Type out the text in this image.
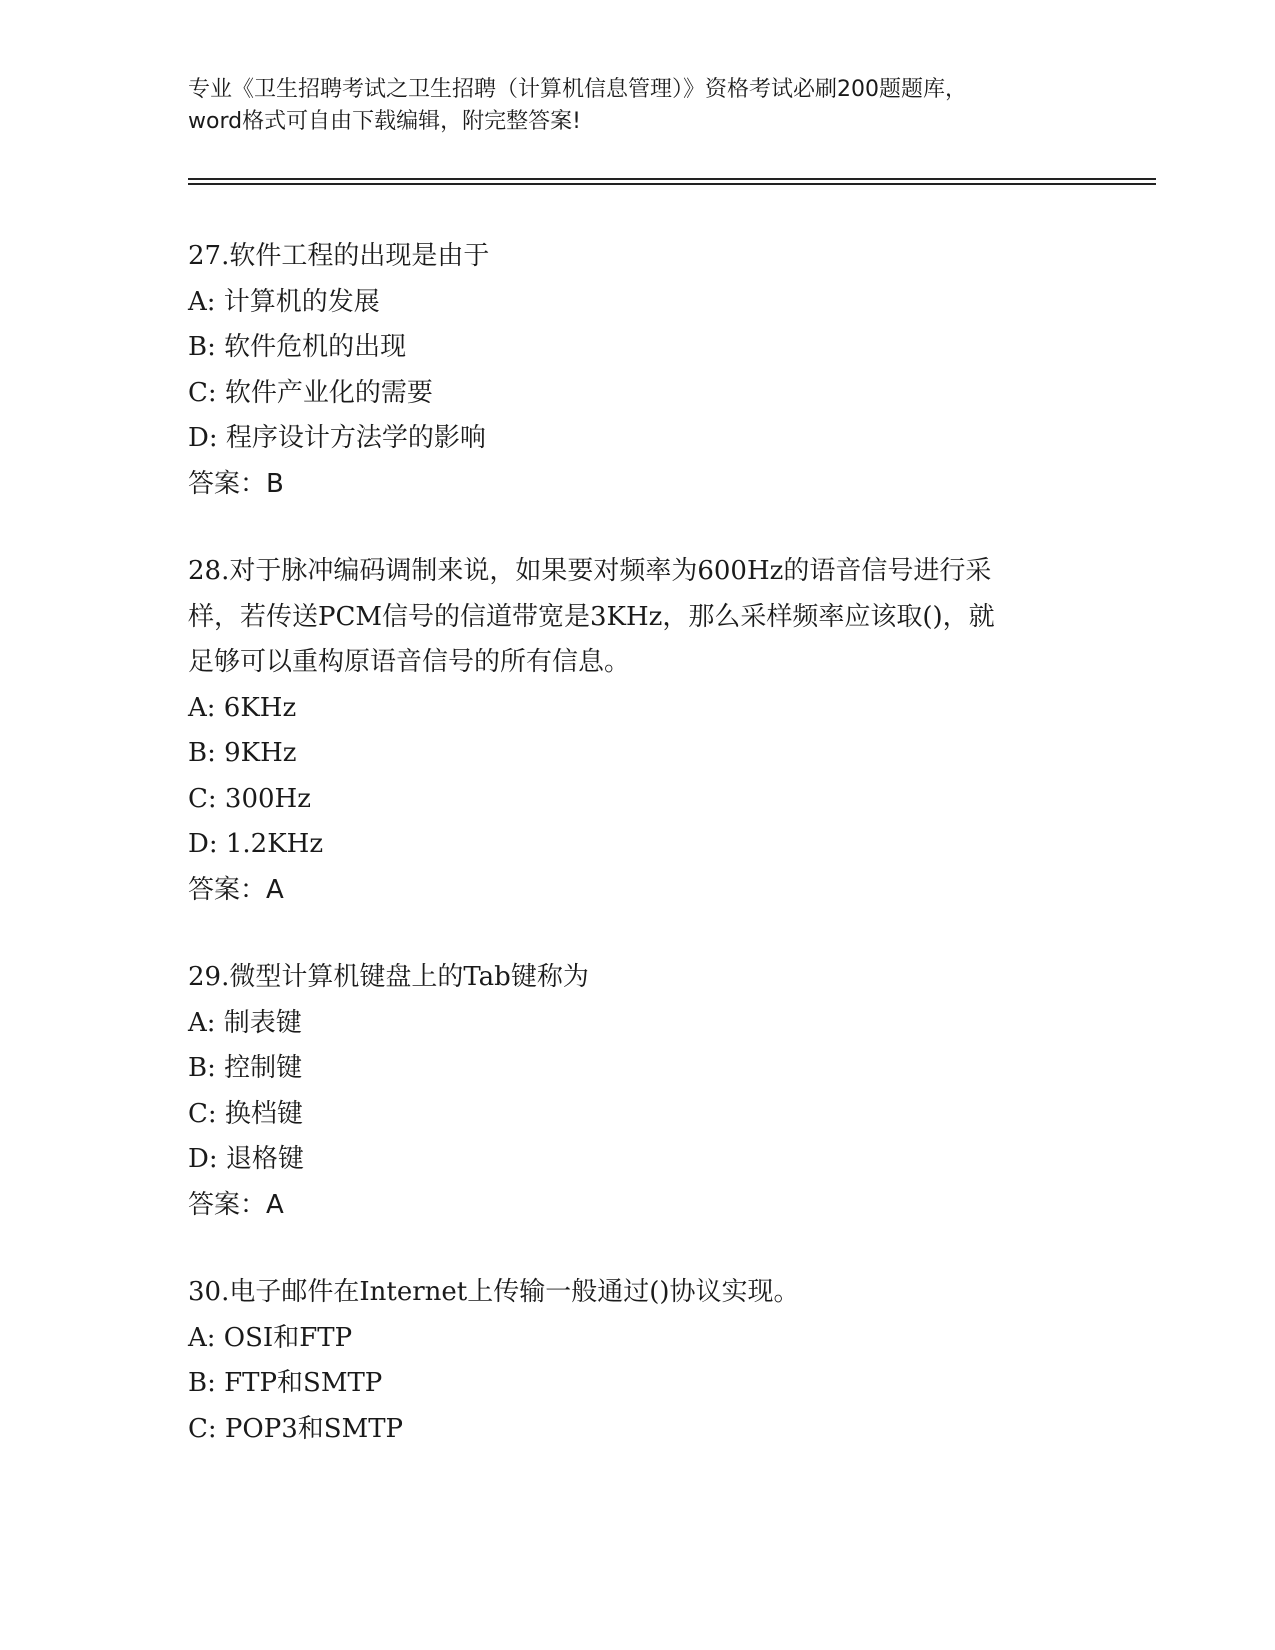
专业《卫生招聘考试之卫生招聘（计算机信息管理）》资格考试必刷200题题库，
word格式可自由下载编辑，附完整答案!
27.软件工程的出现是由于
A: 计算机的发展
B: 软件危机的出现
C: 软件产业化的需要
D: 程序设计方法学的影响
答案：B
28.对于脉冲编码调制来说，如果要对频率为600Hz的语音信号进行采
样，若传送PCM信号的信道带宽是3KHz，那么采样频率应该取()，就
足够可以重构原语音信号的所有信息。
A: 6KHz
B: 9KHz
C: 300Hz
D: 1.2KHz
答案：A
29.微型计算机键盘上的Tab键称为
A: 制表键
B: 控制键
C: 换档键
D: 退格键
答案：A
30.电子邮件在Internet上传输一般通过()协议实现。
A: OSI和FTP
B: FTP和SMTP
C: POP3和SMTP
